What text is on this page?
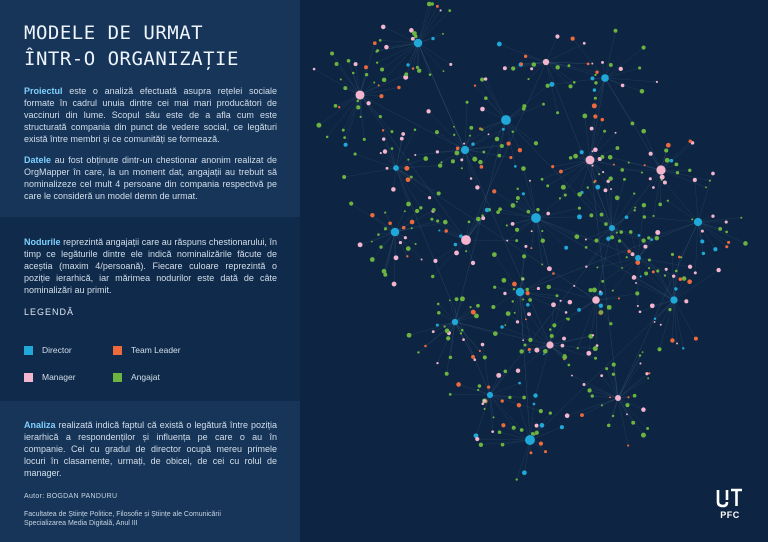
MODELE DE URMAT
ÎNTR-O ORGANIZAȚIE

Proiectul este o analiză efectuată asupra rețelei sociale formate în cadrul unuia dintre cei mai mari producători de vaccinuri din lume. Scopul său este de a afla cum este structurată compania din punct de vedere social, ce legături există între membri și ce comunități se formează.

Datele au fost obținute dintr-un chestionar anonim realizat de OrgMapper în care, la un moment dat, angajații au trebuit să nominalizeze cel mult 4 persoane din compania respectivă pe care le consideră un model demn de urmat.

Nodurile reprezintă angajații care au răspuns chestionarului, în timp ce legăturile dintre ele indică nominalizările făcute de aceștia (maxim 4/persoană). Fiecare culoare reprezintă o poziție ierarhică, iar mărimea nodurilor este dată de câte nominalizări au primit.

LEGENDĂ
Director	Team Leader
Manager	Angajat

Analiza realizată indică faptul că există o legătură între poziția ierarhică a respondenților și influența pe care o au în companie. Cei cu gradul de director ocupă mereu primele locuri în clasamente, urmați, de obicei, de cei cu rolul de manager.

Autor: BOGDAN PANDURU
Facultatea de Științe Politice, Filosofie și Științe ale Comunicării
Specializarea Media Digitală, Anul III
PFC
